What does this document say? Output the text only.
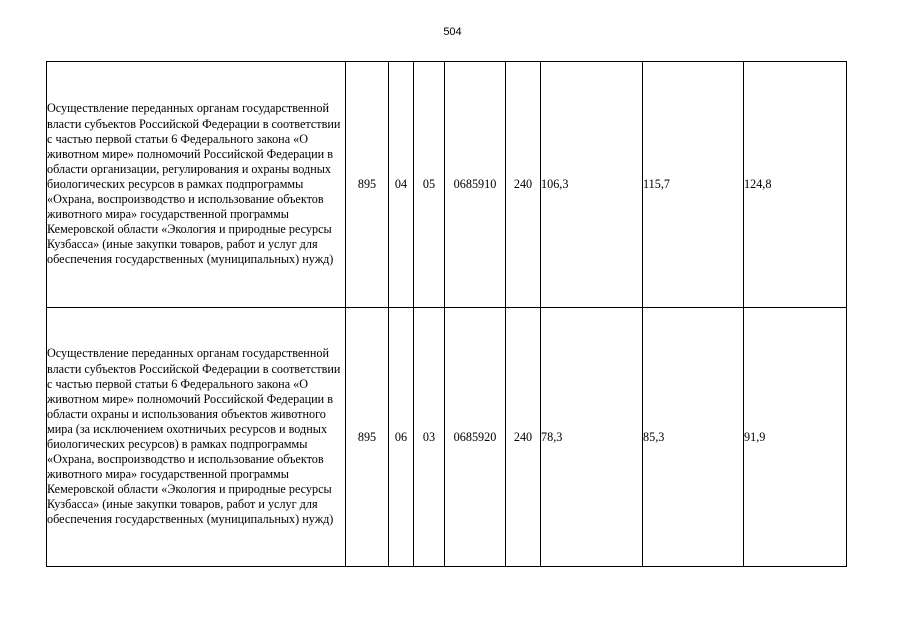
504
Осуществление переданных органам государственной власти субъектов Российской Федерации в соответствии с частью первой статьи 6 Федерального закона «О животном мире» полномочий Российской Федерации в области организации, регулирования и охраны водных биологических ресурсов в рамках подпрограммы «Охрана, воспроизводство и использование объектов животного мира» государственной программы Кемеровской области «Экология и природные ресурсы Кузбасса» (иные закупки товаров, работ и услуг для обеспечения государственных (муниципальных) нужд)	895	04	05	0685910	240	106,3	115,7	124,8
Осуществление переданных органам государственной власти субъектов Российской Федерации в соответствии с частью первой статьи 6 Федерального закона «О животном мире» полномочий Российской Федерации в области охраны и использования объектов животного мира (за исключением охотничьих ресурсов и водных биологических ресурсов) в рамках подпрограммы «Охрана, воспроизводство и использование объектов животного мира» государственной программы Кемеровской области «Экология и природные ресурсы Кузбасса» (иные закупки товаров, работ и услуг для обеспечения государственных (муниципальных) нужд)	895	06	03	0685920	240	78,3	85,3	91,9
